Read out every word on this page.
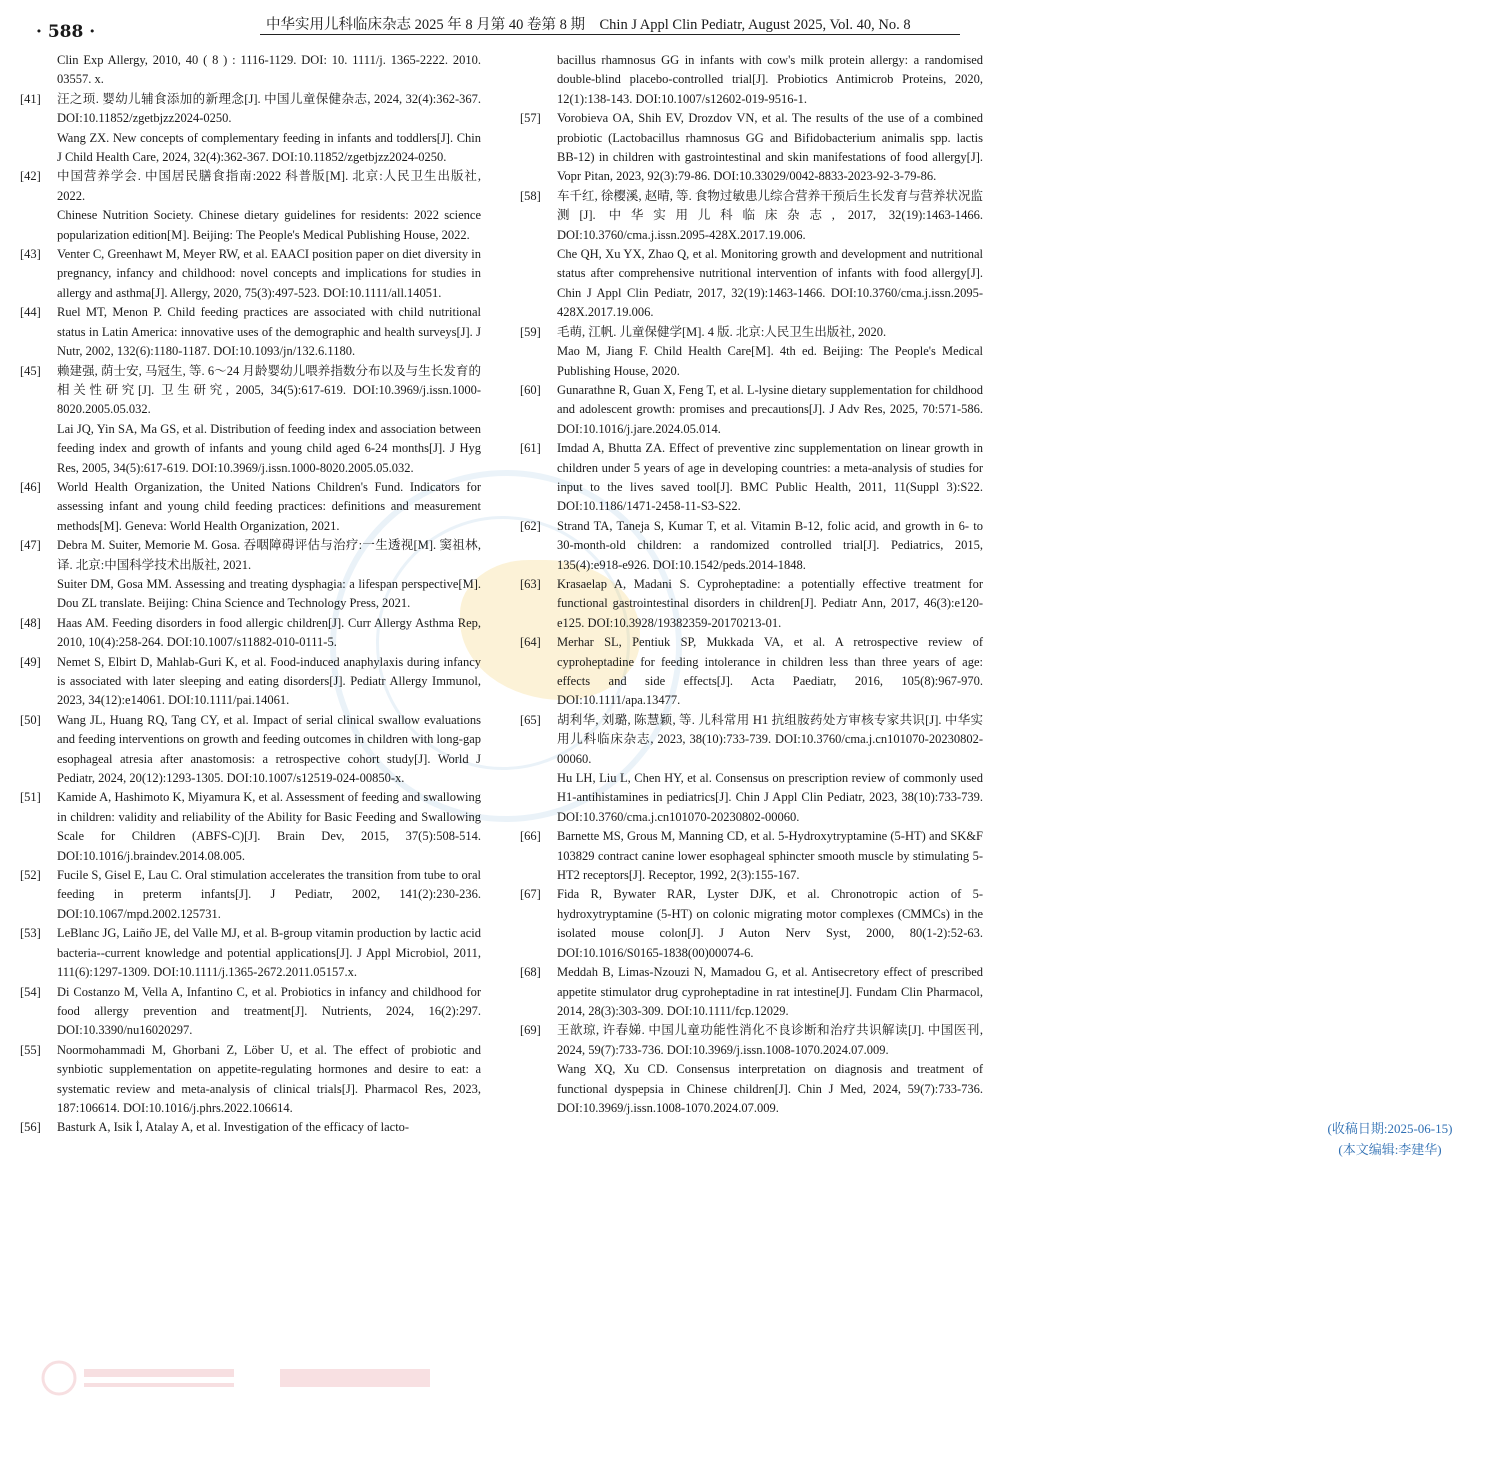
· 588 ·	中华实用儿科临床杂志 2025 年 8 月第 40 卷第 8 期　Chin J Appl Clin Pediatr, August 2025, Vol. 40, No. 8
Clin Exp Allergy, 2010, 40 ( 8 ) : 1116-1129. DOI: 10. 1111/j. 1365-2222. 2010. 03557. x.
[41]	汪之顼. 婴幼儿辅食添加的新理念[J]. 中国儿童保健杂志, 2024, 32(4):362-367. DOI:10.11852/zgetbjzz2024-0250.

Wang ZX. New concepts of complementary feeding in infants and toddlers[J]. Chin J Child Health Care, 2024, 32(4):362-367. DOI:10.11852/zgetbjzz2024-0250.

[42]	中国营养学会. 中国居民膳食指南:2022 科普版[M]. 北京:人民卫生出版社, 2022.

Chinese Nutrition Society. Chinese dietary guidelines for residents: 2022 science popularization edition[M]. Beijing: The People's Medical Publishing House, 2022.

[43]	Venter C, Greenhawt M, Meyer RW, et al. EAACI position paper on diet diversity in pregnancy, infancy and childhood: novel concepts and implications for studies in allergy and asthma[J]. Allergy, 2020, 75(3):497-523. DOI:10.1111/all.14051.

[44]	Ruel MT, Menon P. Child feeding practices are associated with child nutritional status in Latin America: innovative uses of the demographic and health surveys[J]. J Nutr, 2002, 132(6):1180-1187. DOI:10.1093/jn/132.6.1180.

[45]	赖建强, 荫士安, 马冠生, 等. 6～24 月龄婴幼儿喂养指数分布以及与生长发育的相关性研究[J]. 卫生研究, 2005, 34(5):617-619. DOI:10.3969/j.issn.1000-8020.2005.05.032.

Lai JQ, Yin SA, Ma GS, et al. Distribution of feeding index and association between feeding index and growth of infants and young child aged 6-24 months[J]. J Hyg Res, 2005, 34(5):617-619. DOI:10.3969/j.issn.1000-8020.2005.05.032.

[46]	World Health Organization, the United Nations Children's Fund. Indicators for assessing infant and young child feeding practices: definitions and measurement methods[M]. Geneva: World Health Organization, 2021.

[47]	Debra M. Suiter, Memorie M. Gosa. 吞咽障碍评估与治疗:一生透视[M]. 窦祖林, 译. 北京:中国科学技术出版社, 2021.

Suiter DM, Gosa MM. Assessing and treating dysphagia: a lifespan perspective[M]. Dou ZL translate. Beijing: China Science and Technology Press, 2021.

[48]	Haas AM. Feeding disorders in food allergic children[J]. Curr Allergy Asthma Rep, 2010, 10(4):258-264. DOI:10.1007/s11882-010-0111-5.

[49]	Nemet S, Elbirt D, Mahlab-Guri K, et al. Food-induced anaphylaxis during infancy is associated with later sleeping and eating disorders[J]. Pediatr Allergy Immunol, 2023, 34(12):e14061. DOI:10.1111/pai.14061.

[50]	Wang JL, Huang RQ, Tang CY, et al. Impact of serial clinical swallow evaluations and feeding interventions on growth and feeding outcomes in children with long-gap esophageal atresia after anastomosis: a retrospective cohort study[J]. World J Pediatr, 2024, 20(12):1293-1305. DOI:10.1007/s12519-024-00850-x.

[51]	Kamide A, Hashimoto K, Miyamura K, et al. Assessment of feeding and swallowing in children: validity and reliability of the Ability for Basic Feeding and Swallowing Scale for Children (ABFS-C)[J]. Brain Dev, 2015, 37(5):508-514. DOI:10.1016/j.braindev.2014.08.005.

[52]	Fucile S, Gisel E, Lau C. Oral stimulation accelerates the transition from tube to oral feeding in preterm infants[J]. J Pediatr, 2002, 141(2):230-236. DOI:10.1067/mpd.2002.125731.

[53]	LeBlanc JG, Laiño JE, del Valle MJ, et al. B-group vitamin production by lactic acid bacteria--current knowledge and potential applications[J]. J Appl Microbiol, 2011, 111(6):1297-1309. DOI:10.1111/j.1365-2672.2011.05157.x.

[54]	Di Costanzo M, Vella A, Infantino C, et al. Probiotics in infancy and childhood for food allergy prevention and treatment[J]. Nutrients, 2024, 16(2):297. DOI:10.3390/nu16020297.

[55]	Noormohammadi M, Ghorbani Z, Löber U, et al. The effect of probiotic and synbiotic supplementation on appetite-regulating hormones and desire to eat: a systematic review and meta-analysis of clinical trials[J]. Pharmacol Res, 2023, 187:106614. DOI:10.1016/j.phrs.2022.106614.

[56]	Basturk A, Isik İ, Atalay A, et al. Investigation of the efficacy of lacto-

bacillus rhamnosus GG in infants with cow's milk protein allergy: a randomised double-blind placebo-controlled trial[J]. Probiotics Antimicrob Proteins, 2020, 12(1):138-143. DOI:10.1007/s12602-019-9516-1.
[57]	Vorobieva OA, Shih EV, Drozdov VN, et al. The results of the use of a combined probiotic (Lactobacillus rhamnosus GG and Bifidobacterium animalis spp. lactis BB-12) in children with gastrointestinal and skin manifestations of food allergy[J]. Vopr Pitan, 2023, 92(3):79-86. DOI:10.33029/0042-8833-2023-92-3-79-86.

[58]	车千红, 徐樱溪, 赵晴, 等. 食物过敏患儿综合营养干预后生长发育与营养状况监测[J]. 中华实用儿科临床杂志, 2017, 32(19):1463-1466. DOI:10.3760/cma.j.issn.2095-428X.2017.19.006.

Che QH, Xu YX, Zhao Q, et al. Monitoring growth and development and nutritional status after comprehensive nutritional intervention of infants with food allergy[J]. Chin J Appl Clin Pediatr, 2017, 32(19):1463-1466. DOI:10.3760/cma.j.issn.2095-428X.2017.19.006.

[59]	毛萌, 江帆. 儿童保健学[M]. 4 版. 北京:人民卫生出版社, 2020.

Mao M, Jiang F. Child Health Care[M]. 4th ed. Beijing: The People's Medical Publishing House, 2020.

[60]	Gunarathne R, Guan X, Feng T, et al. L-lysine dietary supplementation for childhood and adolescent growth: promises and precautions[J]. J Adv Res, 2025, 70:571-586. DOI:10.1016/j.jare.2024.05.014.

[61]	Imdad A, Bhutta ZA. Effect of preventive zinc supplementation on linear growth in children under 5 years of age in developing countries: a meta-analysis of studies for input to the lives saved tool[J]. BMC Public Health, 2011, 11(Suppl 3):S22. DOI:10.1186/1471-2458-11-S3-S22.

[62]	Strand TA, Taneja S, Kumar T, et al. Vitamin B-12, folic acid, and growth in 6- to 30-month-old children: a randomized controlled trial[J]. Pediatrics, 2015, 135(4):e918-e926. DOI:10.1542/peds.2014-1848.

[63]	Krasaelap A, Madani S. Cyproheptadine: a potentially effective treatment for functional gastrointestinal disorders in children[J]. Pediatr Ann, 2017, 46(3):e120-e125. DOI:10.3928/19382359-20170213-01.

[64]	Merhar SL, Pentiuk SP, Mukkada VA, et al. A retrospective review of cyproheptadine for feeding intolerance in children less than three years of age: effects and side effects[J]. Acta Paediatr, 2016, 105(8):967-970. DOI:10.1111/apa.13477.

[65]	胡利华, 刘璐, 陈慧颖, 等. 儿科常用 H1 抗组胺药处方审核专家共识[J]. 中华实用儿科临床杂志, 2023, 38(10):733-739. DOI:10.3760/cma.j.cn101070-20230802-00060.

Hu LH, Liu L, Chen HY, et al. Consensus on prescription review of commonly used H1-antihistamines in pediatrics[J]. Chin J Appl Clin Pediatr, 2023, 38(10):733-739. DOI:10.3760/cma.j.cn101070-20230802-00060.

[66]	Barnette MS, Grous M, Manning CD, et al. 5-Hydroxytryptamine (5-HT) and SK&F 103829 contract canine lower esophageal sphincter smooth muscle by stimulating 5-HT2 receptors[J]. Receptor, 1992, 2(3):155-167.

[67]	Fida R, Bywater RAR, Lyster DJK, et al. Chronotropic action of 5-hydroxytryptamine (5-HT) on colonic migrating motor complexes (CMMCs) in the isolated mouse colon[J]. J Auton Nerv Syst, 2000, 80(1-2):52-63. DOI:10.1016/S0165-1838(00)00074-6.

[68]	Meddah B, Limas-Nzouzi N, Mamadou G, et al. Antisecretory effect of prescribed appetite stimulator drug cyproheptadine in rat intestine[J]. Fundam Clin Pharmacol, 2014, 28(3):303-309. DOI:10.1111/fcp.12029.

[69]	王歆琼, 许春娣. 中国儿童功能性消化不良诊断和治疗共识解读[J]. 中国医刊, 2024, 59(7):733-736. DOI:10.3969/j.issn.1008-1070.2024.07.009.

Wang XQ, Xu CD. Consensus interpretation on diagnosis and treatment of functional dyspepsia in Chinese children[J]. Chin J Med, 2024, 59(7):733-736. DOI:10.3969/j.issn.1008-1070.2024.07.009.

(收稿日期:2025-06-15)
(本文编辑:李建华)
